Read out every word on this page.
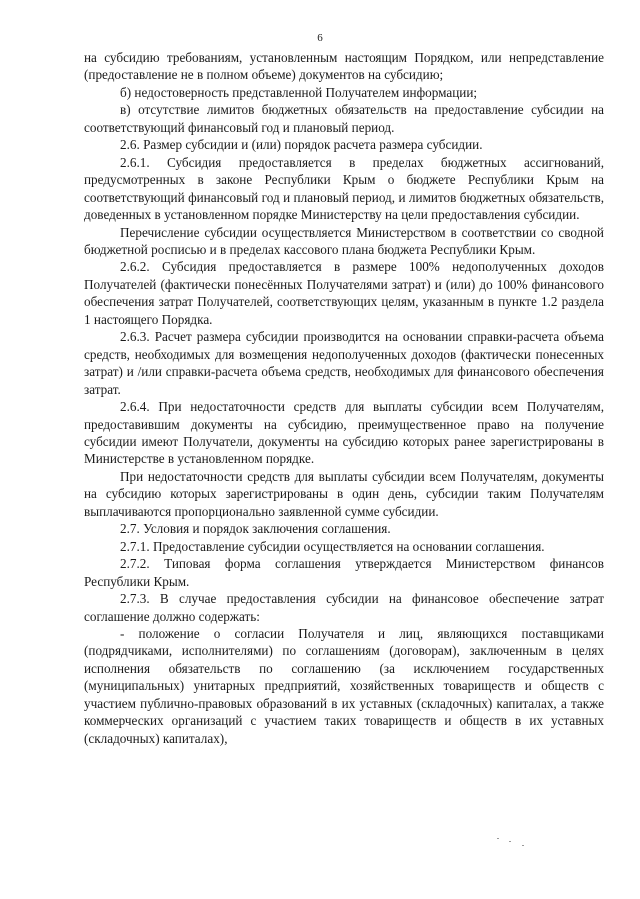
6

на субсидию требованиям, установленным настоящим Порядком, или непредставление (предоставление не в полном объеме) документов на субсидию;

б) недостоверность представленной Получателем информации;

в) отсутствие лимитов бюджетных обязательств на предоставление субсидии на соответствующий финансовый год и плановый период.

2.6. Размер субсидии и (или) порядок расчета размера субсидии.

2.6.1. Субсидия предоставляется в пределах бюджетных ассигнований, предусмотренных в законе Республики Крым о бюджете Республики Крым на соответствующий финансовый год и плановый период, и лимитов бюджетных обязательств, доведенных в установленном порядке Министерству на цели предоставления субсидии.

Перечисление субсидии осуществляется Министерством в соответствии со сводной бюджетной росписью и в пределах кассового плана бюджета Республики Крым.

2.6.2. Субсидия предоставляется в размере 100% недополученных доходов Получателей (фактически понесённых Получателями затрат) и (или) до 100% финансового обеспечения затрат Получателей, соответствующих целям, указанным в пункте 1.2 раздела 1 настоящего Порядка.

2.6.3. Расчет размера субсидии производится на основании справки-расчета объема средств, необходимых для возмещения недополученных доходов (фактически понесенных затрат) и /или справки-расчета объема средств, необходимых для финансового обеспечения затрат.

2.6.4. При недостаточности средств для выплаты субсидии всем Получателям, предоставившим документы на субсидию, преимущественное право на получение субсидии имеют Получатели, документы на субсидию которых ранее зарегистрированы в Министерстве в установленном порядке.

При недостаточности средств для выплаты субсидии всем Получателям, документы на субсидию которых зарегистрированы в один день, субсидии таким Получателям выплачиваются пропорционально заявленной сумме субсидии.

2.7. Условия и порядок заключения соглашения.

2.7.1. Предоставление субсидии осуществляется на основании соглашения.

2.7.2. Типовая форма соглашения утверждается Министерством финансов Республики Крым.

2.7.3. В случае предоставления субсидии на финансовое обеспечение затрат соглашение должно содержать:

- положение о согласии Получателя и лиц, являющихся поставщиками (подрядчиками, исполнителями) по соглашениям (договорам), заключенным в целях исполнения обязательств по соглашению (за исключением государственных (муниципальных) унитарных предприятий, хозяйственных товариществ и обществ с участием публично-правовых образований в их уставных (складочных) капиталах, а также коммерческих организаций с участием таких товариществ и обществ в их уставных (складочных) капиталах),
